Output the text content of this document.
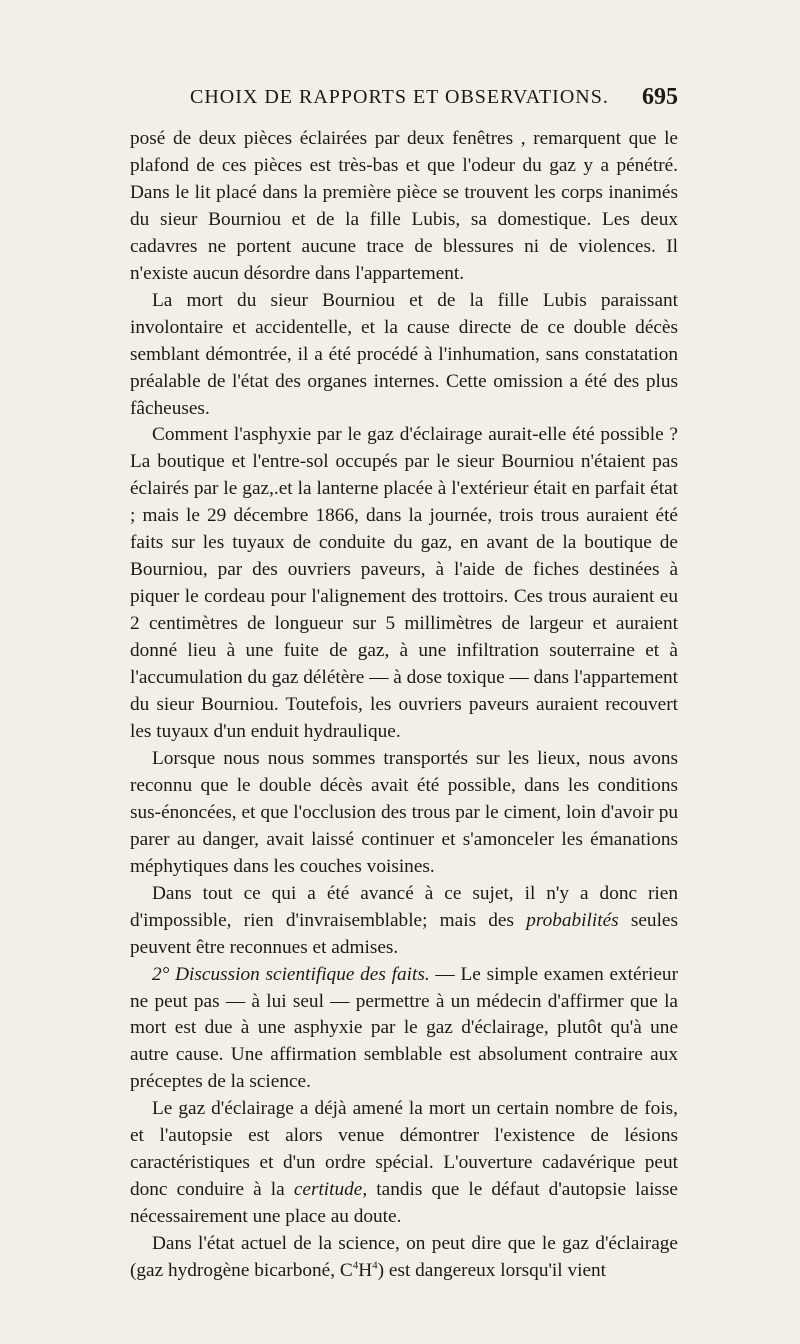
CHOIX DE RAPPORTS ET OBSERVATIONS. 695

posé de deux pièces éclairées par deux fenêtres , remarquent que le plafond de ces pièces est très-bas et que l'odeur du gaz y a pénétré. Dans le lit placé dans la première pièce se trouvent les corps inanimés du sieur Bourniou et de la fille Lubis, sa domestique. Les deux cadavres ne portent aucune trace de blessures ni de violences. Il n'existe aucun désordre dans l'appartement.

La mort du sieur Bourniou et de la fille Lubis paraissant involontaire et accidentelle, et la cause directe de ce double décès semblant démontrée, il a été procédé à l'inhumation, sans constatation préalable de l'état des organes internes. Cette omission a été des plus fâcheuses.

Comment l'asphyxie par le gaz d'éclairage aurait-elle été possible ? La boutique et l'entre-sol occupés par le sieur Bourniou n'étaient pas éclairés par le gaz,.et la lanterne placée à l'extérieur était en parfait état ; mais le 29 décembre 1866, dans la journée, trois trous auraient été faits sur les tuyaux de conduite du gaz, en avant de la boutique de Bourniou, par des ouvriers paveurs, à l'aide de fiches destinées à piquer le cordeau pour l'alignement des trottoirs. Ces trous auraient eu 2 centimètres de longueur sur 5 millimètres de largeur et auraient donné lieu à une fuite de gaz, à une infiltration souterraine et à l'accumulation du gaz délétère — à dose toxique — dans l'appartement du sieur Bourniou. Toutefois, les ouvriers paveurs auraient recouvert les tuyaux d'un enduit hydraulique.

Lorsque nous nous sommes transportés sur les lieux, nous avons reconnu que le double décès avait été possible, dans les conditions sus-énoncées, et que l'occlusion des trous par le ciment, loin d'avoir pu parer au danger, avait laissé continuer et s'amonceler les émanations méphytiques dans les couches voisines.

Dans tout ce qui a été avancé à ce sujet, il n'y a donc rien d'impossible, rien d'invraisemblable; mais des probabilités seules peuvent être reconnues et admises.

2° Discussion scientifique des faits. — Le simple examen extérieur ne peut pas — à lui seul — permettre à un médecin d'affirmer que la mort est due à une asphyxie par le gaz d'éclairage, plutôt qu'à une autre cause. Une affirmation semblable est absolument contraire aux préceptes de la science.

Le gaz d'éclairage a déjà amené la mort un certain nombre de fois, et l'autopsie est alors venue démontrer l'existence de lésions caractéristiques et d'un ordre spécial. L'ouverture cadavérique peut donc conduire à la certitude, tandis que le défaut d'autopsie laisse nécessairement une place au doute.

Dans l'état actuel de la science, on peut dire que le gaz d'éclairage (gaz hydrogène bicarboné, $C^4H^4$) est dangereux lorsqu'il vient
